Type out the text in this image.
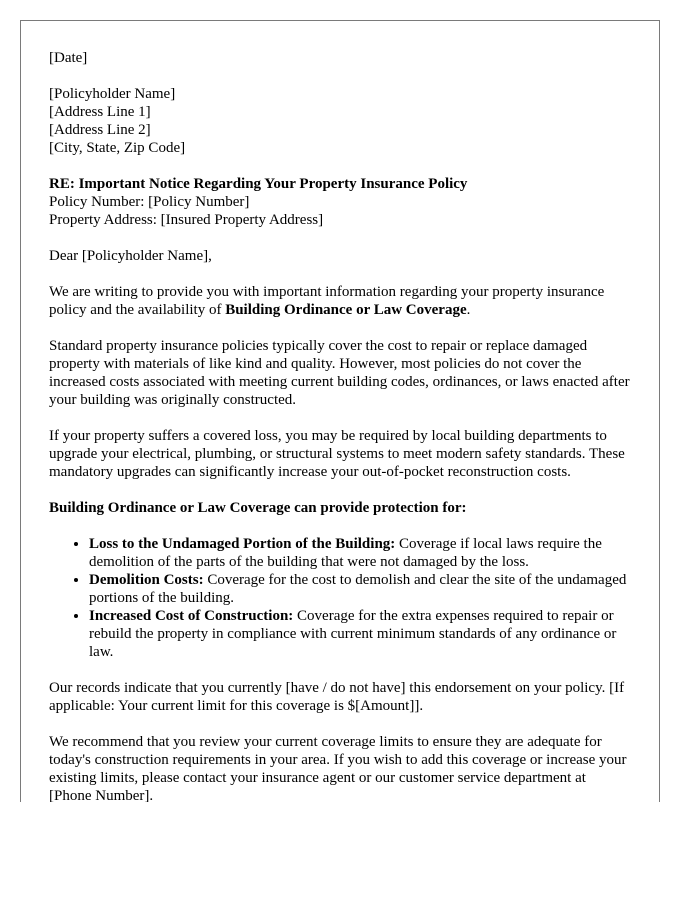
[Date]
[Policyholder Name]
[Address Line 1]
[Address Line 2]
[City, State, Zip Code]
RE: Important Notice Regarding Your Property Insurance Policy
Policy Number: [Policy Number]
Property Address: [Insured Property Address]

Dear [Policyholder Name],

We are writing to provide you with important information regarding your property insurance policy and the availability of Building Ordinance or Law Coverage.

Standard property insurance policies typically cover the cost to repair or replace damaged property with materials of like kind and quality. However, most policies do not cover the increased costs associated with meeting current building codes, ordinances, or laws enacted after your building was originally constructed.

If your property suffers a covered loss, you may be required by local building departments to upgrade your electrical, plumbing, or structural systems to meet modern safety standards. These mandatory upgrades can significantly increase your out-of-pocket reconstruction costs.

Building Ordinance or Law Coverage can provide protection for:
• Loss to the Undamaged Portion of the Building: Coverage if local laws require the demolition of the parts of the building that were not damaged by the loss.
• Demolition Costs: Coverage for the cost to demolish and clear the site of the undamaged portions of the building.
• Increased Cost of Construction: Coverage for the extra expenses required to repair or rebuild the property in compliance with current minimum standards of any ordinance or law.

Our records indicate that you currently [have / do not have] this endorsement on your policy. [If applicable: Your current limit for this coverage is $[Amount]].

We recommend that you review your current coverage limits to ensure they are adequate for today's construction requirements in your area. If you wish to add this coverage or increase your existing limits, please contact your insurance agent or our customer service department at [Phone Number].
